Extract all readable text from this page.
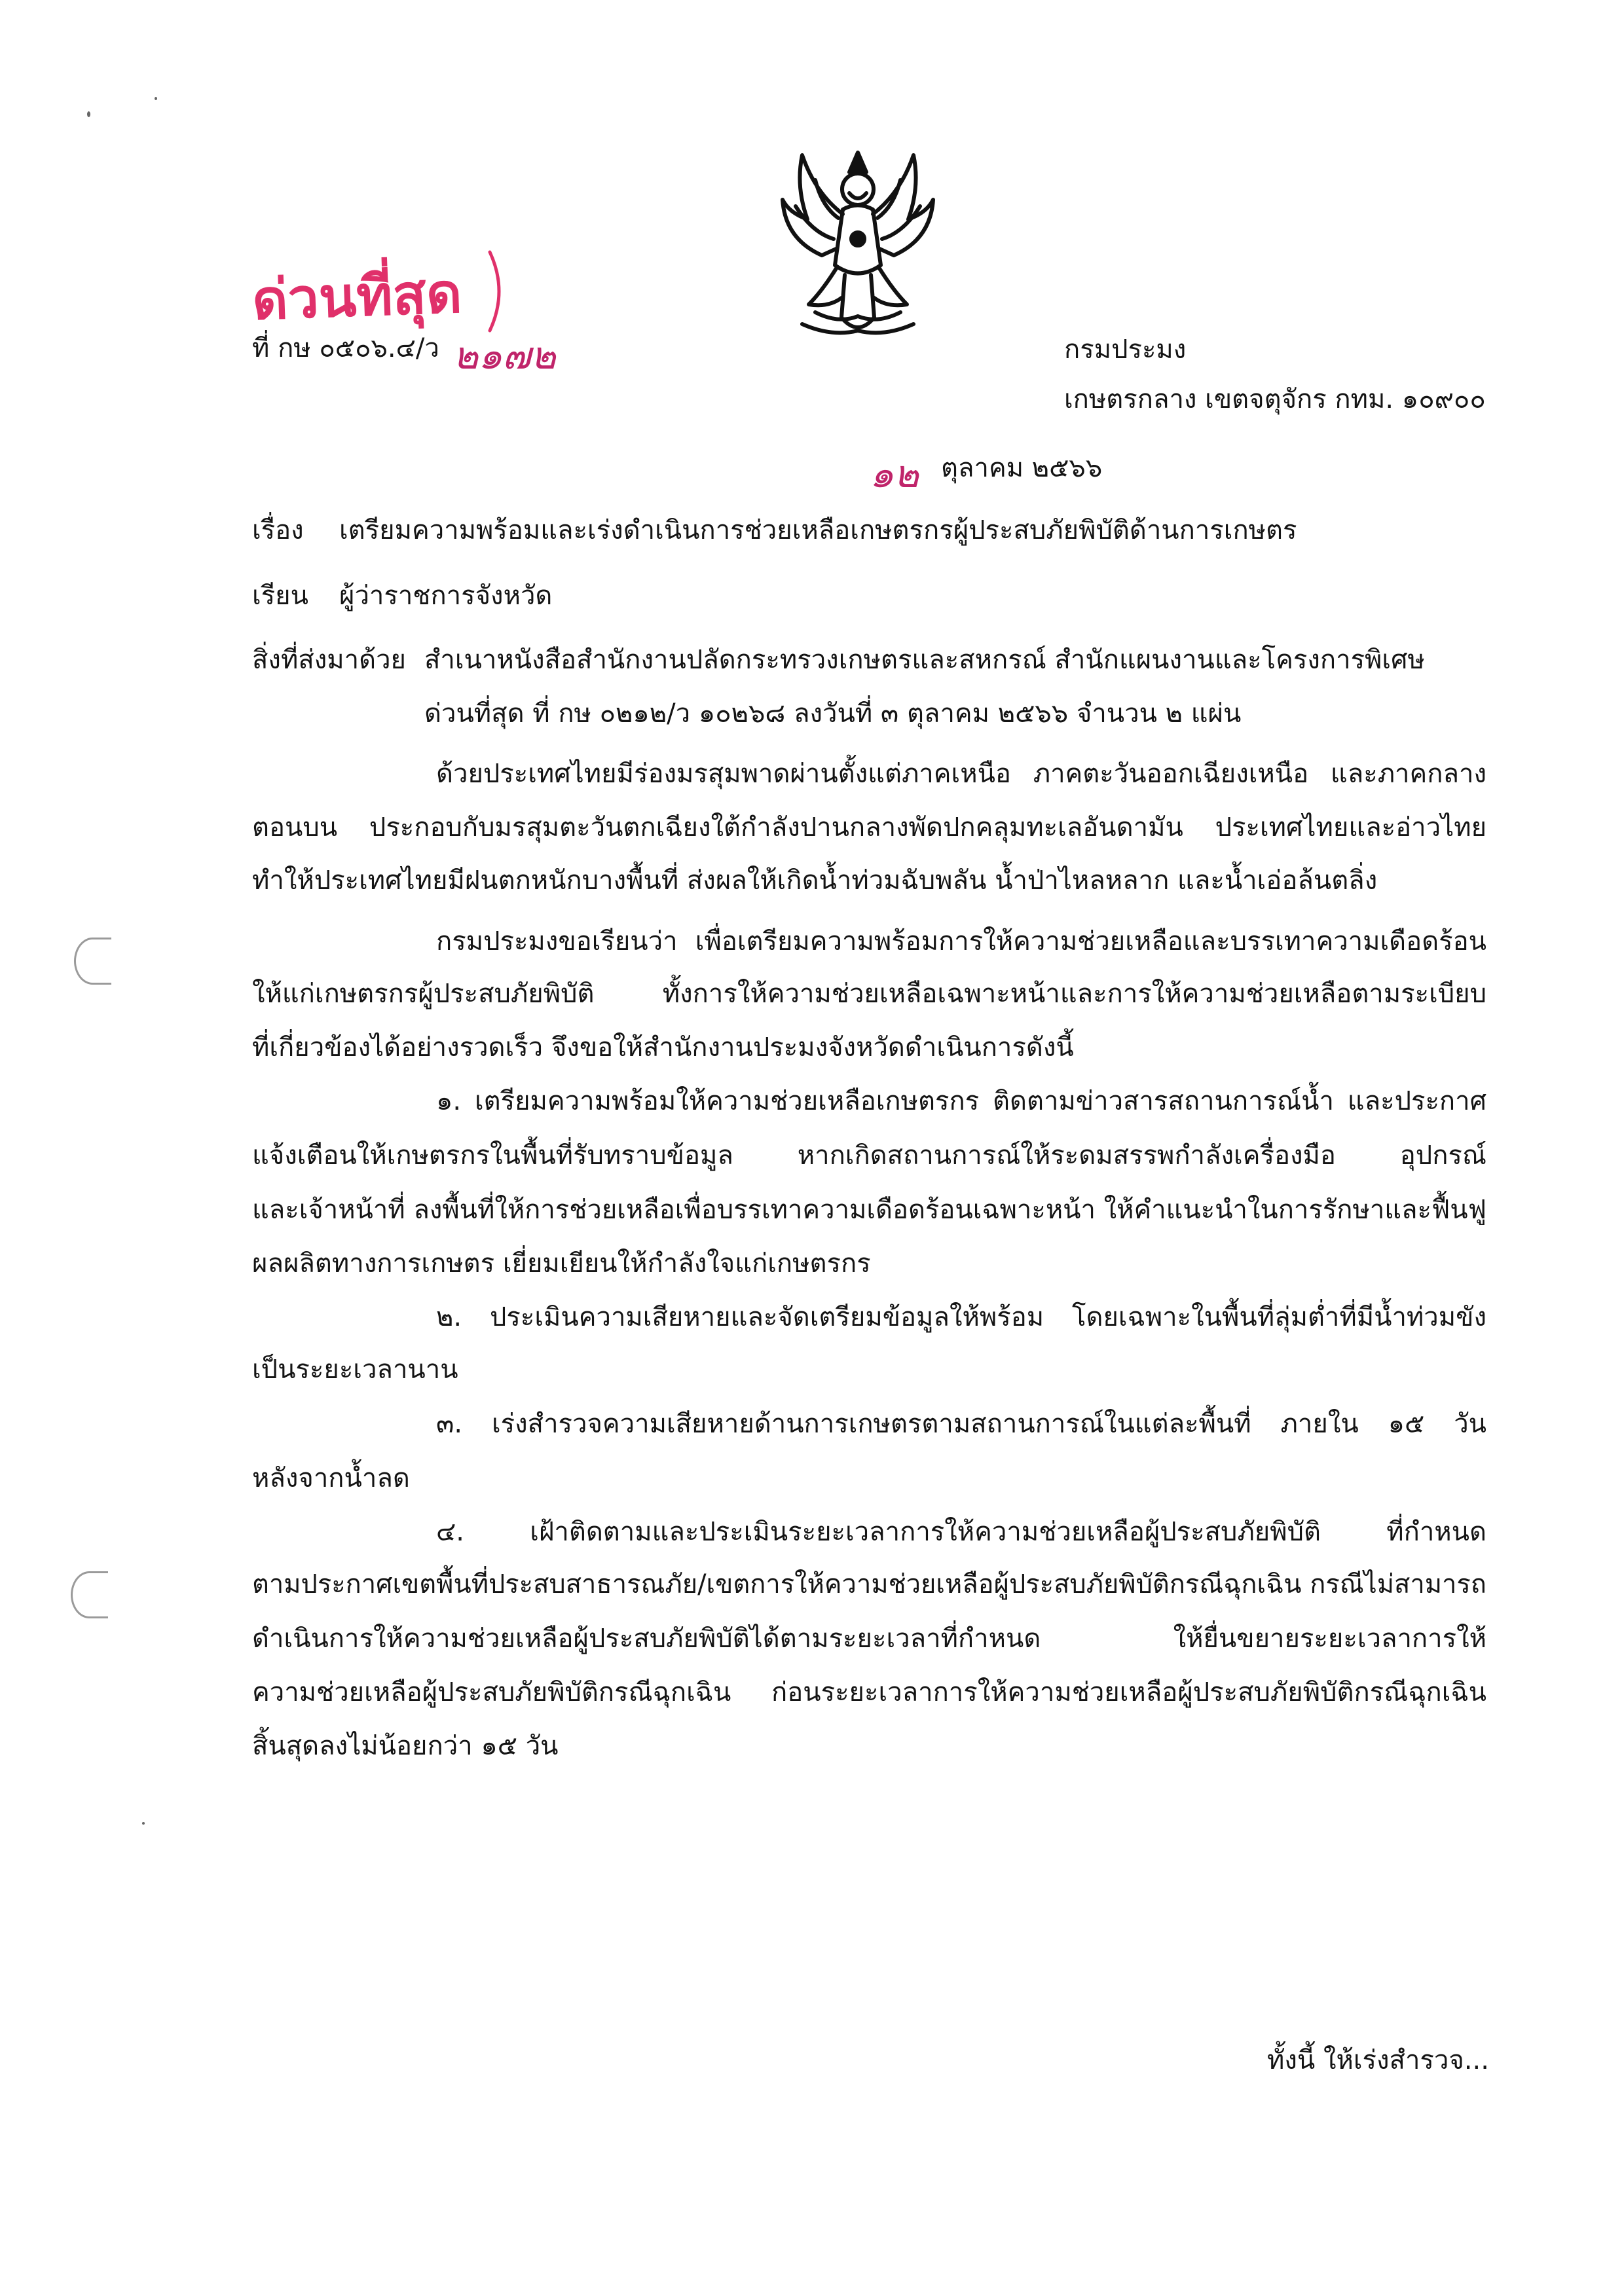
ด่วนที่สุด
ที่ กษ ๐๕๐๖.๔/ว ๒๑๗๒	กรมประมง
เกษตรกลาง เขตจตุจักร กทม. ๑๐๙๐๐
๑๒ ตุลาคม ๒๕๖๖
เรื่อง เตรียมความพร้อมและเร่งดำเนินการช่วยเหลือเกษตรกรผู้ประสบภัยพิบัติด้านการเกษตร
เรียน ผู้ว่าราชการจังหวัด
สิ่งที่ส่งมาด้วย สำเนาหนังสือสำนักงานปลัดกระทรวงเกษตรและสหกรณ์ สำนักแผนงานและโครงการพิเศษ
ด่วนที่สุด ที่ กษ ๐๒๑๒/ว ๑๐๒๖๘ ลงวันที่ ๓ ตุลาคม ๒๕๖๖ จำนวน ๒ แผ่น
ด้วยประเทศไทยมีร่องมรสุมพาดผ่านตั้งแต่ภาคเหนือ ภาคตะวันออกเฉียงเหนือ และภาคกลาง
ตอนบน ประกอบกับมรสุมตะวันตกเฉียงใต้กำลังปานกลางพัดปกคลุมทะเลอันดามัน ประเทศไทยและอ่าวไทย
ทำให้ประเทศไทยมีฝนตกหนักบางพื้นที่ ส่งผลให้เกิดน้ำท่วมฉับพลัน น้ำป่าไหลหลาก และน้ำเอ่อล้นตลิ่ง
กรมประมงขอเรียนว่า เพื่อเตรียมความพร้อมการให้ความช่วยเหลือและบรรเทาความเดือดร้อน
ให้แก่เกษตรกรผู้ประสบภัยพิบัติ ทั้งการให้ความช่วยเหลือเฉพาะหน้าและการให้ความช่วยเหลือตามระเบียบ
ที่เกี่ยวข้องได้อย่างรวดเร็ว จึงขอให้สำนักงานประมงจังหวัดดำเนินการดังนี้
๑. เตรียมความพร้อมให้ความช่วยเหลือเกษตรกร ติดตามข่าวสารสถานการณ์น้ำ และประกาศ
แจ้งเตือนให้เกษตรกรในพื้นที่รับทราบข้อมูล หากเกิดสถานการณ์ให้ระดมสรรพกำลังเครื่องมือ อุปกรณ์
และเจ้าหน้าที่ ลงพื้นที่ให้การช่วยเหลือเพื่อบรรเทาความเดือดร้อนเฉพาะหน้า ให้คำแนะนำในการรักษาและฟื้นฟู
ผลผลิตทางการเกษตร เยี่ยมเยียนให้กำลังใจแก่เกษตรกร
๒. ประเมินความเสียหายและจัดเตรียมข้อมูลให้พร้อม โดยเฉพาะในพื้นที่ลุ่มต่ำที่มีน้ำท่วมขัง
เป็นระยะเวลานาน
๓. เร่งสำรวจความเสียหายด้านการเกษตรตามสถานการณ์ในแต่ละพื้นที่ ภายใน ๑๕ วัน
หลังจากน้ำลด
๔. เฝ้าติดตามและประเมินระยะเวลาการให้ความช่วยเหลือผู้ประสบภัยพิบัติ ที่กำหนด
ตามประกาศเขตพื้นที่ประสบสาธารณภัย/เขตการให้ความช่วยเหลือผู้ประสบภัยพิบัติกรณีฉุกเฉิน กรณีไม่สามารถ
ดำเนินการให้ความช่วยเหลือผู้ประสบภัยพิบัติได้ตามระยะเวลาที่กำหนด ให้ยื่นขยายระยะเวลาการให้
ความช่วยเหลือผู้ประสบภัยพิบัติกรณีฉุกเฉิน ก่อนระยะเวลาการให้ความช่วยเหลือผู้ประสบภัยพิบัติกรณีฉุกเฉิน
สิ้นสุดลงไม่น้อยกว่า ๑๕ วัน
ทั้งนี้ ให้เร่งสำรวจ...
